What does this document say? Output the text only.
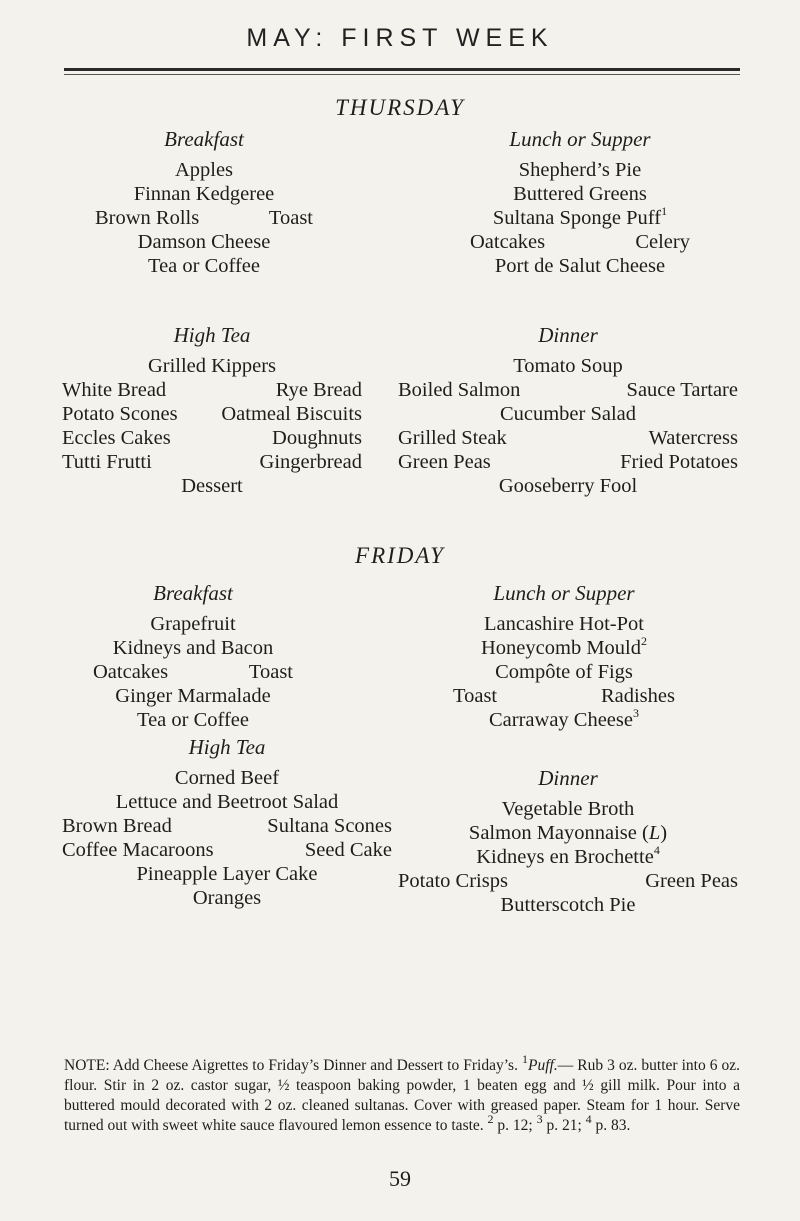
MAY: FIRST WEEK
THURSDAY
Breakfast
Apples
Finnan Kedgeree
Brown Rolls	Toast
Damson Cheese
Tea or Coffee
Lunch or Supper
Shepherd’s Pie
Buttered Greens
Sultana Sponge Puff$^1$
Oatcakes	Celery
Port de Salut Cheese
High Tea
Grilled Kippers
White Bread	Rye Bread
Potato Scones Oatmeal Biscuits
Eccles Cakes	Doughnuts
Tutti Frutti	Gingerbread
Dessert
Dinner
Tomato Soup
Boiled Salmon	Sauce Tartare
Cucumber Salad
Grilled Steak	Watercress
Green Peas	Fried Potatoes
Gooseberry Fool
FRIDAY
Breakfast
Grapefruit
Kidneys and Bacon
Oatcakes	Toast
Ginger Marmalade
Tea or Coffee
Lunch or Supper
Lancashire Hot-Pot
Honeycomb Mould$^2$
Compôte of Figs
Toast	Radishes
Carraway Cheese$^3$
High Tea
Corned Beef
Lettuce and Beetroot Salad
Brown Bread	Sultana Scones
Coffee Macaroons	Seed Cake
Pineapple Layer Cake
Oranges
Dinner
Vegetable Broth
Salmon Mayonnaise (L)
Kidneys en Brochette$^4$
Potato Crisps	Green Peas
Butterscotch Pie
NOTE: Add Cheese Aigrettes to Friday’s Dinner and Dessert to Friday’s. $^1$Puff.— Rub 3 oz. butter into 6 oz. flour. Stir in 2 oz. castor sugar, ½ teaspoon baking powder, 1 beaten egg and ½ gill milk. Pour into a buttered mould decorated with 2 oz. cleaned sultanas. Cover with greased paper. Steam for 1 hour. Serve turned out with sweet white sauce flavoured lemon essence to taste. $^2$ p. 12; $^3$ p. 21; $^4$ p. 83.
59
